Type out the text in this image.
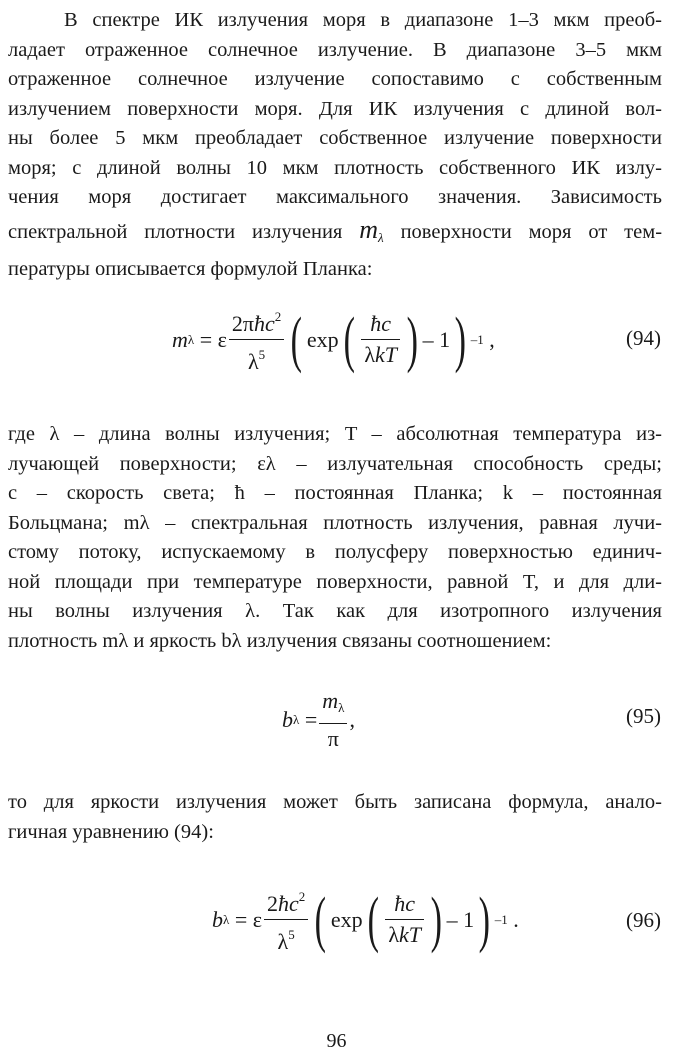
В спектре ИК излучения моря в диапазоне 1–3 мкм преоб-
ладает отраженное солнечное излучение. В диапазоне 3–5 мкм
отраженное солнечное излучение сопоставимо с собственным
излучением поверхности моря. Для ИК излучения с длиной вол-
ны более 5 мкм преобладает собственное излучение поверхности
моря; с длиной волны 10 мкм плотность собственного ИК излу-
чения моря достигает максимального значения. Зависимость
спектральной плотности излучения $m_\lambda$ поверхности моря от тем-
пературы описывается формулой Планка:
m λ = ε $\frac{2\pi ħc^2}{\lambda^5}$ ( exp ( $\frac{ħc}{\text{λkT}}$ ) – 1 ) –1 ,	(94)
где λ – длина волны излучения; T – абсолютная температура из-
лучающей поверхности; ελ – излучательная способность среды;
c – скорость света; ħ – постоянная Планка; k – постоянная
Больцмана; mλ – спектральная плотность излучения, равная лучи-
стому потоку, испускаемому в полусферу поверхностью единич-
ной площади при температуре поверхности, равной T, и для дли-
ны волны излучения λ. Так как для изотропного излучения
плотность mλ и яркость bλ излучения связаны соотношением:
b $\lambda = \frac{m_\lambda}{\pi}$ ,	(95)
то для яркости излучения может быть записана формула, анало-
гичная уравнению (94):
b λ = ε $\frac{2ħc^2}{\lambda^5}$ ( exp ( $\frac{ħc}{\text{λkT}}$ ) – 1 ) –1 .	(96)
96
